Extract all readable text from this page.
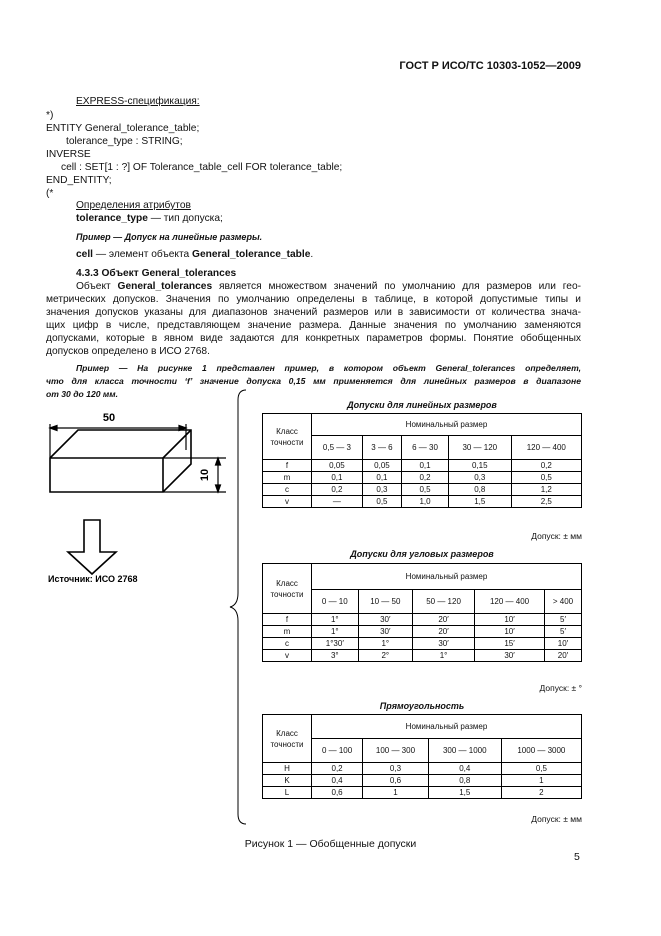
ГОСТ Р ИСО/ТС 10303-1052—2009
EXPRESS-спецификация:
*)
ENTITY General_tolerance_table;
tolerance_type : STRING;
INVERSE
cell : SET[1 : ?] OF Tolerance_table_cell FOR tolerance_table;
END_ENTITY;
(*
Определения атрибутов
tolerance_type — тип допуска;
Пример — Допуск на линейные размеры.
cell — элемент объекта General_tolerance_table.
4.3.3 Объект General_tolerances
Объект General_tolerances является множеством значений по умолчанию для размеров или гео-
метрических допусков. Значения по умолчанию определены в таблице, в которой допустимые типы и
значения допусков указаны для диапазонов значений размеров или в зависимости от количества знача-
щих цифр в числе, представляющем значение размера. Данные значения по умолчанию заменяются
допусками, которые в явном виде задаются для конкретных параметров формы. Понятие обобщенных
допусков определено в ИСО 2768.
Пример — На рисунке 1 представлен пример, в котором объект General_tolerances определяет,
что для класса точности ‘f’ значение допуска 0,15 мм применяется для линейных размеров в диапазоне
от 30 до 120 мм.
50
10
Источник: ИСО 2768
Допуски для линейных размеров
Класс точности	Номинальный размер				
	0,5 — 3	3 — 6	6 — 30	30 — 120	120 — 400
f	0,05	0,05	0,1	0,15	0,2
m	0,1	0,1	0,2	0,3	0,5
c	0,2	0,3	0,5	0,8	1,2
v	—	0,5	1,0	1,5	2,5
Допуск: ± мм
Допуски для угловых размеров
Класс точности	Номинальный размер				
	0 — 10	10 — 50	50 — 120	120 — 400	> 400
f	1°	30′	20′	10′	5′
m	1°	30′	20′	10′	5′
c	1°30′	1°	30′	15′	10′
v	3°	2°	1°	30′	20′
Допуск: ± °
Прямоугольность
Класс точности	Номинальный размер			
	0 — 100	100 — 300	300 — 1000	1000 — 3000
H	0,2	0,3	0,4	0,5
K	0,4	0,6	0,8	1
L	0,6	1	1,5	2
Допуск: ± мм
Рисунок 1 — Обобщенные допуски
5
